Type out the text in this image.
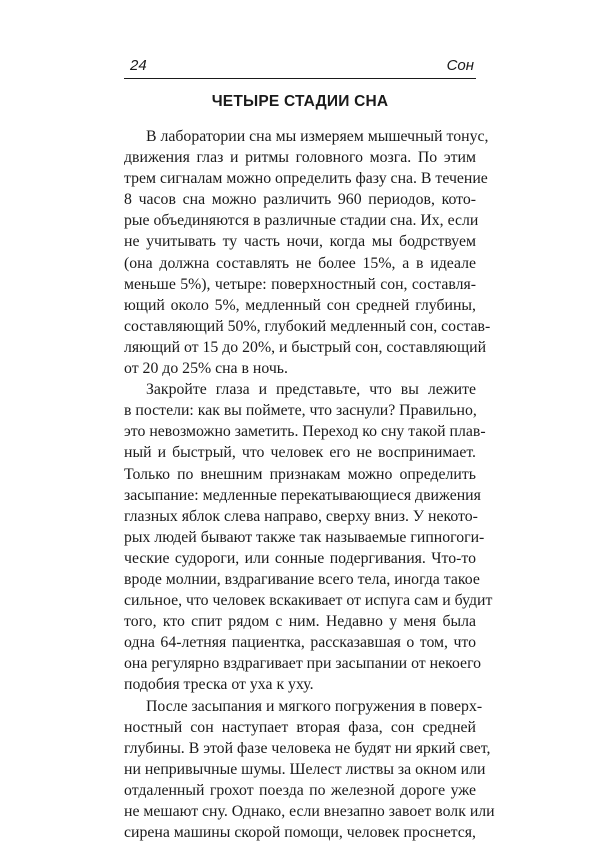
24	Сон
ЧЕТЫРЕ СТАДИИ СНА
В лаборатории сна мы измеряем мышечный тонус,
движения глаз и ритмы головного мозга. По этим
трем сигналам можно определить фазу сна. В течение
8 часов сна можно различить 960 периодов, кото-
рые объединяются в различные стадии сна. Их, если
не учитывать ту часть ночи, когда мы бодрствуем
(она должна составлять не более 15%, а в идеале
меньше 5%), четыре: поверхностный сон, составля-
ющий около 5%, медленный сон средней глубины,
составляющий 50%, глубокий медленный сон, состав-
ляющий от 15 до 20%, и быстрый сон, составляющий
от 20 до 25% сна в ночь.
Закройте глаза и представьте, что вы лежите
в постели: как вы поймете, что заснули? Правильно,
это невозможно заметить. Переход ко сну такой плав-
ный и быстрый, что человек его не воспринимает.
Только по внешним признакам можно определить
засыпание: медленные перекатывающиеся движения
глазных яблок слева направо, сверху вниз. У некото-
рых людей бывают также так называемые гипногоги-
ческие судороги, или сонные подергивания. Что-то
вроде молнии, вздрагивание всего тела, иногда такое
сильное, что человек вскакивает от испуга сам и будит
того, кто спит рядом с ним. Недавно у меня была
одна 64-летняя пациентка, рассказавшая о том, что
она регулярно вздрагивает при засыпании от некоего
подобия треска от уха к уху.
После засыпания и мягкого погружения в поверх-
ностный сон наступает вторая фаза, сон средней
глубины. В этой фазе человека не будят ни яркий свет,
ни непривычные шумы. Шелест листвы за окном или
отдаленный грохот поезда по железной дороге уже
не мешают сну. Однако, если внезапно завоет волк или
сирена машины скорой помощи, человек проснется,
